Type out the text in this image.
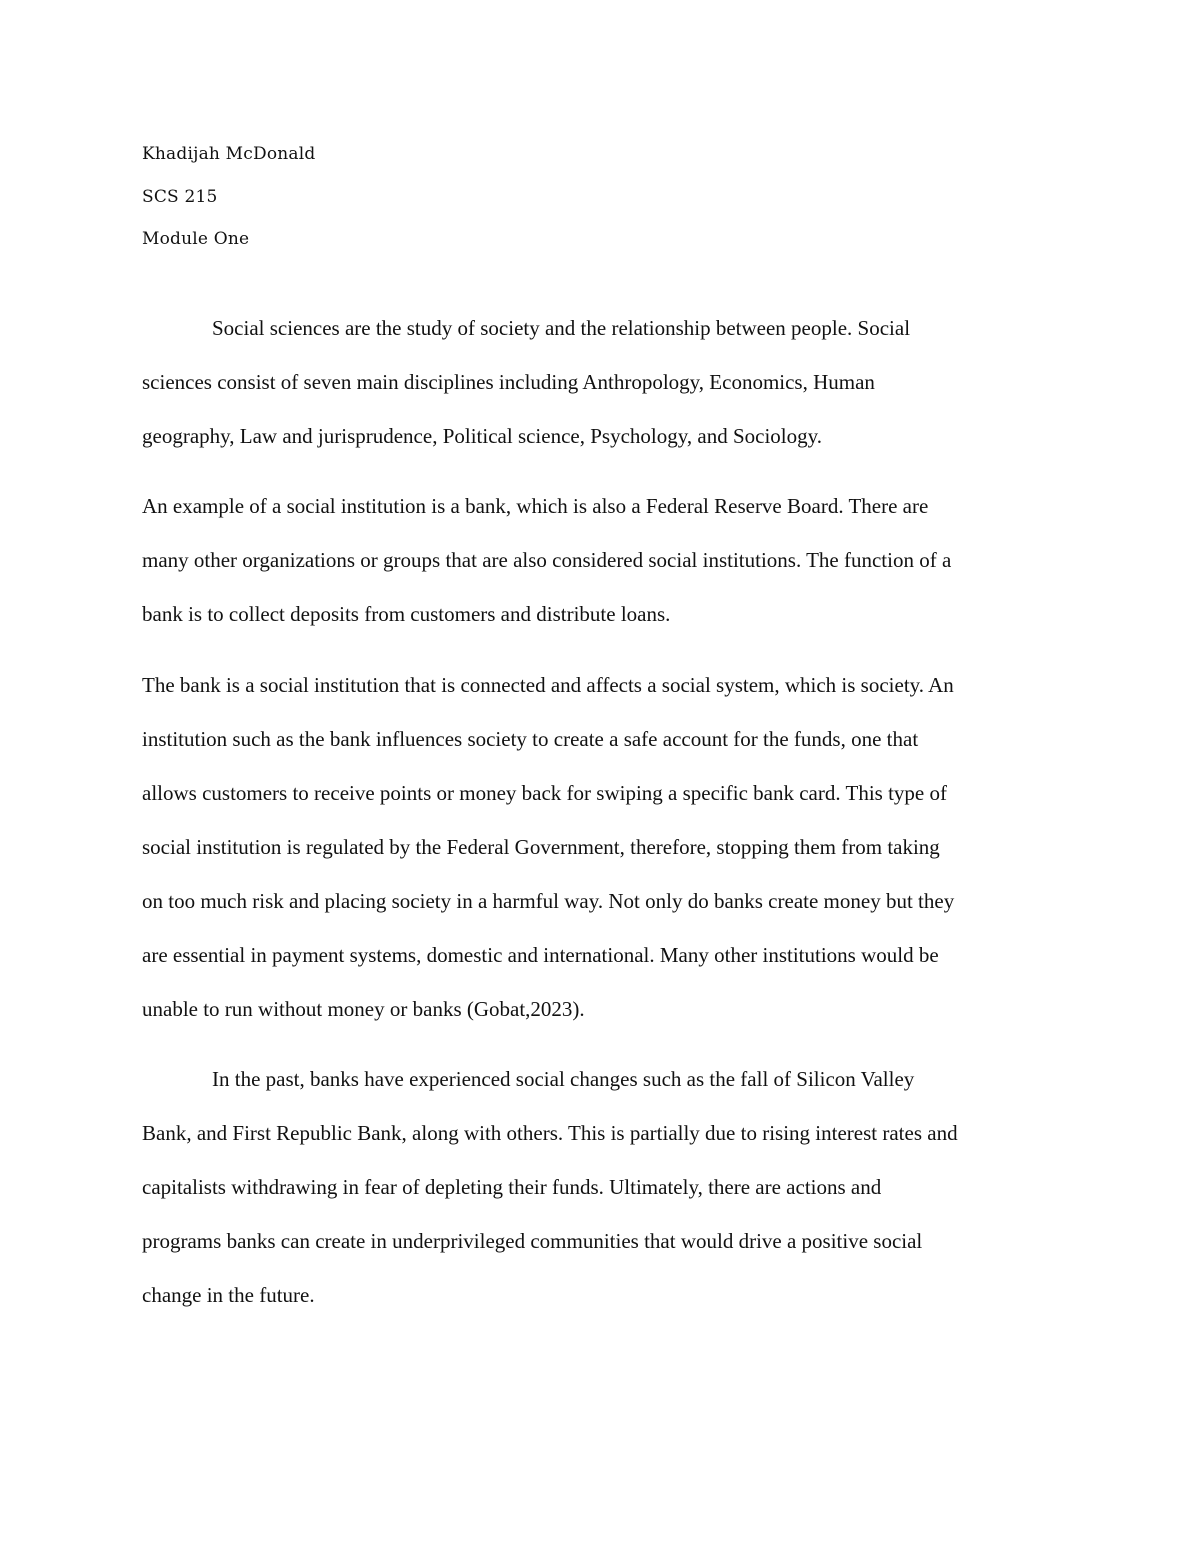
Khadijah McDonald
SCS 215
Module One
Social sciences are the study of society and the relationship between people. Social
sciences consist of seven main disciplines including Anthropology, Economics, Human
geography, Law and jurisprudence, Political science, Psychology, and Sociology.
An example of a social institution is a bank, which is also a Federal Reserve Board. There are
many other organizations or groups that are also considered social institutions. The function of a
bank is to collect deposits from customers and distribute loans.
The bank is a social institution that is connected and affects a social system, which is society. An
institution such as the bank influences society to create a safe account for the funds, one that
allows customers to receive points or money back for swiping a specific bank card. This type of
social institution is regulated by the Federal Government, therefore, stopping them from taking
on too much risk and placing society in a harmful way. Not only do banks create money but they
are essential in payment systems, domestic and international. Many other institutions would be
unable to run without money or banks (Gobat,2023).
In the past, banks have experienced social changes such as the fall of Silicon Valley
Bank, and First Republic Bank, along with others. This is partially due to rising interest rates and
capitalists withdrawing in fear of depleting their funds. Ultimately, there are actions and
programs banks can create in underprivileged communities that would drive a positive social
change in the future.
